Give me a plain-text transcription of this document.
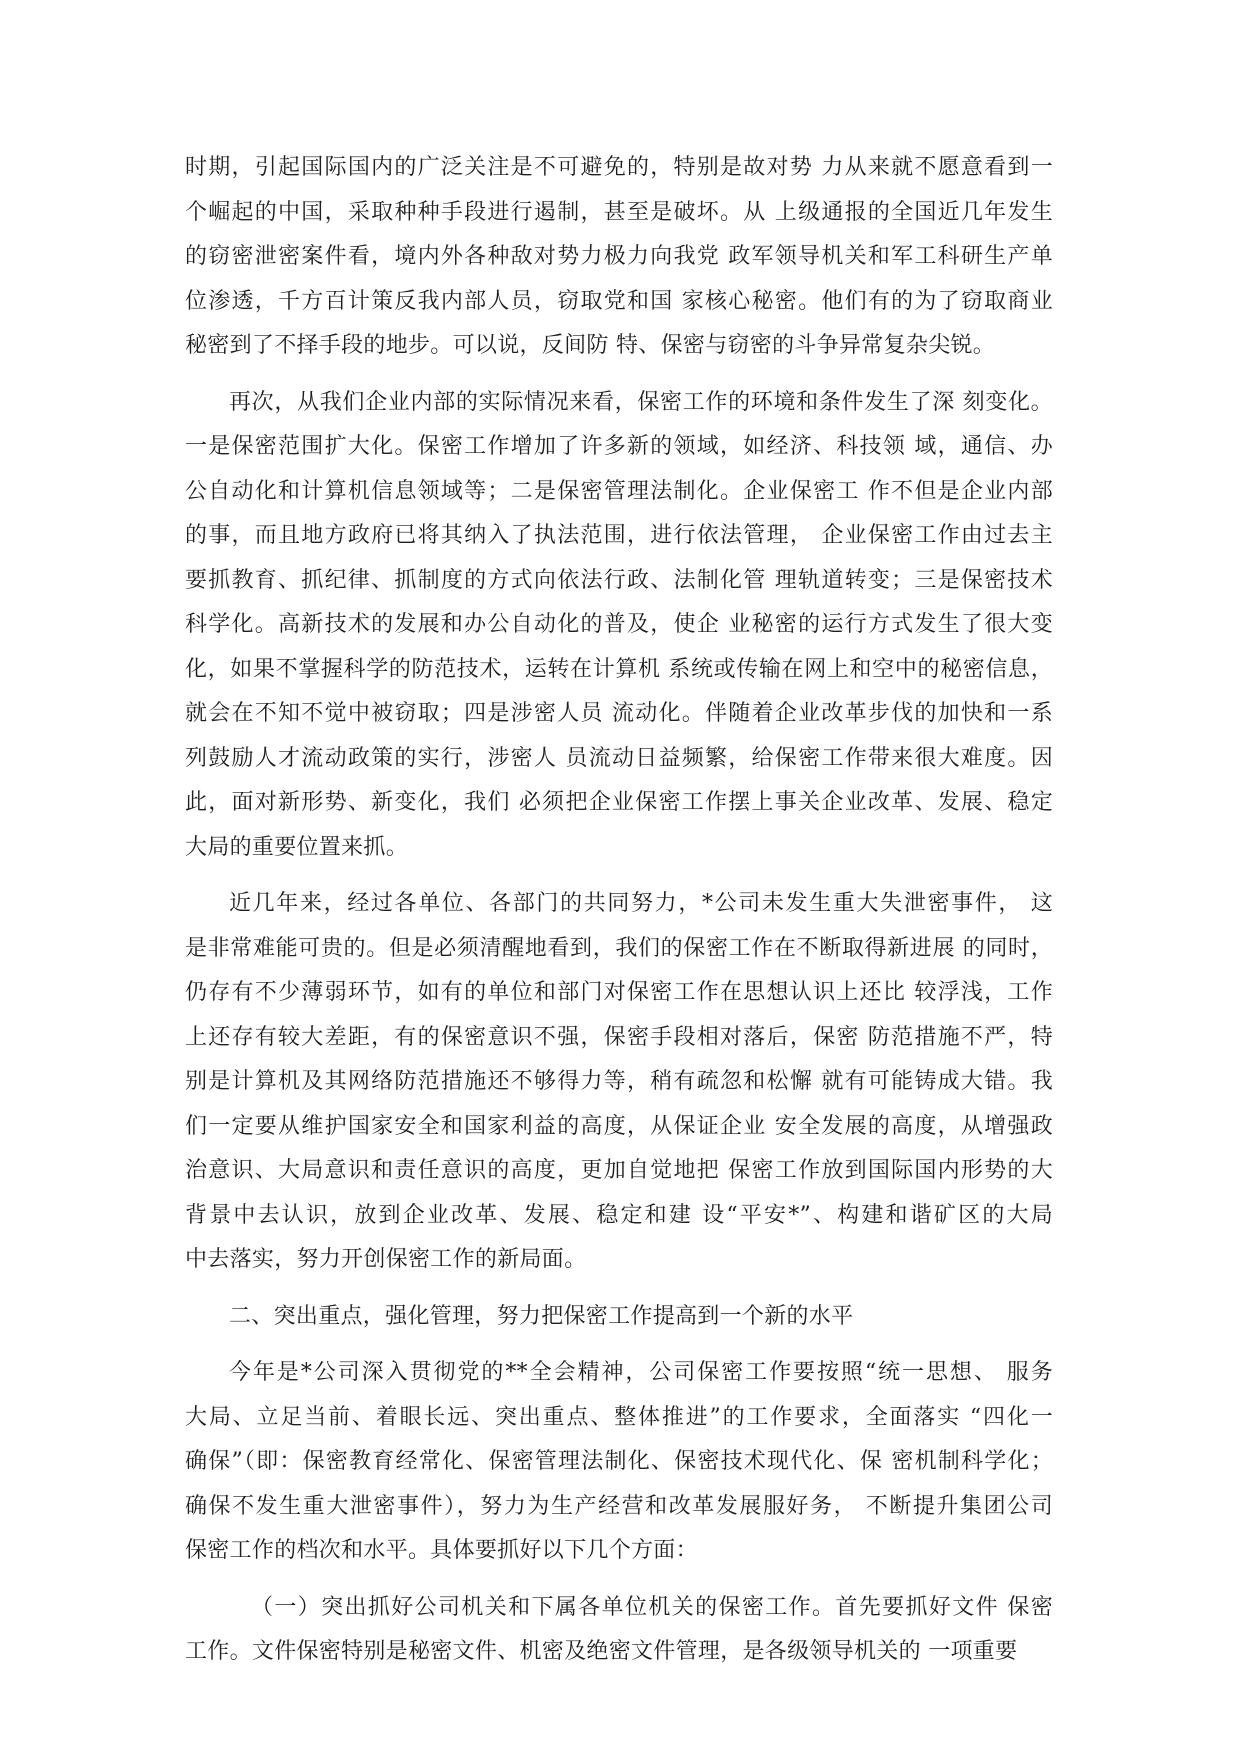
时期，引起国际国内的广泛关注是不可避免的，特别是故对势 力从来就不愿意看到一
个崛起的中国，采取种种手段进行遏制，甚至是破坏。从 上级通报的全国近几年发生
的窃密泄密案件看，境内外各种敌对势力极力向我党 政军领导机关和军工科研生产单
位渗透，千方百计策反我内部人员，窃取党和国 家核心秘密。他们有的为了窃取商业
秘密到了不择手段的地步。可以说，反间防 特、保密与窃密的斗争异常复杂尖锐。
再次，从我们企业内部的实际情况来看，保密工作的环境和条件发生了深 刻变化。
一是保密范围扩大化。保密工作增加了许多新的领域，如经济、科技领 域，通信、办
公自动化和计算机信息领域等；二是保密管理法制化。企业保密工 作不但是企业内部
的事，而且地方政府已将其纳入了执法范围，进行依法管理， 企业保密工作由过去主
要抓教育、抓纪律、抓制度的方式向依法行政、法制化管 理轨道转变；三是保密技术
科学化。高新技术的发展和办公自动化的普及，使企 业秘密的运行方式发生了很大变
化，如果不掌握科学的防范技术，运转在计算机 系统或传输在网上和空中的秘密信息，
就会在不知不觉中被窃取；四是涉密人员 流动化。伴随着企业改革步伐的加快和一系
列鼓励人才流动政策的实行，涉密人 员流动日益频繁，给保密工作带来很大难度。因
此，面对新形势、新变化，我们 必须把企业保密工作摆上事关企业改革、发展、稳定
大局的重要位置来抓。
近几年来，经过各单位、各部门的共同努力，*公司未发生重大失泄密事件， 这
是非常难能可贵的。但是必须清醒地看到，我们的保密工作在不断取得新进展 的同时，
仍存有不少薄弱环节，如有的单位和部门对保密工作在思想认识上还比 较浮浅，工作
上还存有较大差距，有的保密意识不强，保密手段相对落后，保密 防范措施不严，特
别是计算机及其网络防范措施还不够得力等，稍有疏忽和松懈 就有可能铸成大错。我
们一定要从维护国家安全和国家利益的高度，从保证企业 安全发展的高度，从增强政
治意识、大局意识和责任意识的高度，更加自觉地把 保密工作放到国际国内形势的大
背景中去认识，放到企业改革、发展、稳定和建 设“平安*”、构建和谐矿区的大局
中去落实，努力开创保密工作的新局面。
二、突出重点，强化管理，努力把保密工作提高到一个新的水平
今年是*公司深入贯彻党的**全会精神，公司保密工作要按照“统一思想、 服务
大局、立足当前、着眼长远、突出重点、整体推进”的工作要求，全面落实 “四化一
确保”（即：保密教育经常化、保密管理法制化、保密技术现代化、保 密机制科学化；
确保不发生重大泄密事件），努力为生产经营和改革发展服好务， 不断提升集团公司
保密工作的档次和水平。具体要抓好以下几个方面：
（一）突出抓好公司机关和下属各单位机关的保密工作。首先要抓好文件 保密
工作。文件保密特别是秘密文件、机密及绝密文件管理，是各级领导机关的 一项重要
